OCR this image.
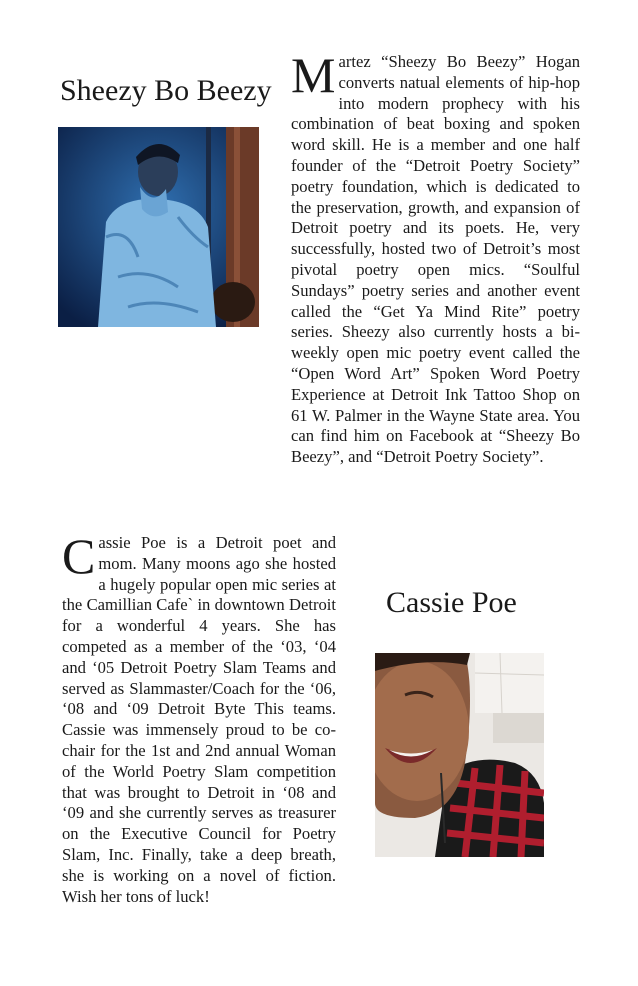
Sheezy Bo Beezy Martez “Sheezy Bo Beezy” Hogan converts natual elements of hip-hop into modern prophecy with his combination of beat boxing and spoken word skill. He is a member and one half founder of the “Detroit Poetry Society” poetry foundation, which is dedicated to the preservation, growth, and expansion of Detroit poetry and its poets. He, very successfully, hosted two of Detroit’s most pivotal poetry open mics. “Soulful Sundays” poetry series and another event called the “Get Ya Mind Rite” poetry series. Sheezy also currently hosts a bi-weekly open mic poetry event called the “Open Word Art” Spoken Word Poetry Experience at Detroit Ink Tattoo Shop on 61 W. Palmer in the Wayne State area. You can find him on Facebook at “Sheezy Bo Beezy”, and “Detroit Poetry Society”.

Cassie Poe is a Detroit poet and mom. Many moons ago she hosted a hugely popular open mic series at the Camillian Cafe` in downtown Detroit for a wonderful 4 years. She has competed as a member of the ‘03, ‘04 and ‘05 Detroit Poetry Slam Teams and served as Slammaster/Coach for the ‘06, ‘08 and ‘09 Detroit Byte This teams. Cassie was immensely proud to be co-chair for the 1st and 2nd annual Woman of the World Poetry Slam competition that was brought to Detroit in ‘08 and ‘09 and she currently serves as treasurer on the Executive Council for Poetry Slam, Inc. Finally, take a deep breath, she is working on a novel of fiction. Wish her tons of luck!

Cassie Poe
